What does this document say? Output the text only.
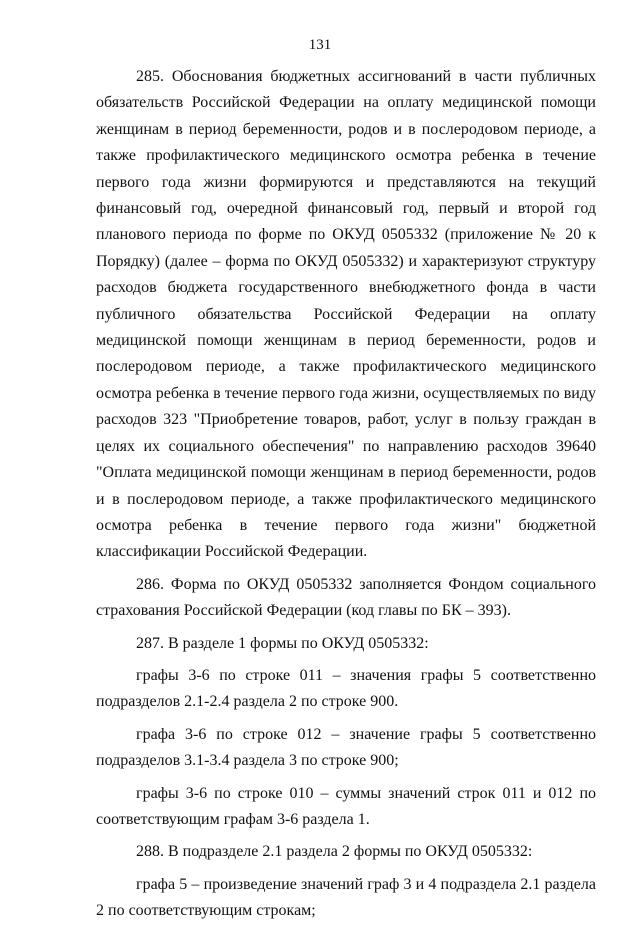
131

285. Обоснования бюджетных ассигнований в части публичных обязательств Российской Федерации на оплату медицинской помощи женщинам в период беременности, родов и в послеродовом периоде, а также профилактического медицинского осмотра ребенка в течение первого года жизни формируются и представляются на текущий финансовый год, очередной финансовый год, первый и второй год планового периода по форме по ОКУД 0505332 (приложение № 20 к Порядку) (далее – форма по ОКУД 0505332) и характеризуют структуру расходов бюджета государственного внебюджетного фонда в части публичного обязательства Российской Федерации на оплату медицинской помощи женщинам в период беременности, родов и послеродовом периоде, а также профилактического медицинского осмотра ребенка в течение первого года жизни, осуществляемых по виду расходов 323 "Приобретение товаров, работ, услуг в пользу граждан в целях их социального обеспечения" по направлению расходов 39640 "Оплата медицинской помощи женщинам в период беременности, родов и в послеродовом периоде, а также профилактического медицинского осмотра ребенка в течение первого года жизни" бюджетной классификации Российской Федерации.

286. Форма по ОКУД 0505332 заполняется Фондом социального страхования Российской Федерации (код главы по БК – 393).

287. В разделе 1 формы по ОКУД 0505332:

графы 3-6 по строке 011 – значения графы 5 соответственно подразделов 2.1-2.4 раздела 2 по строке 900.

графа 3-6 по строке 012 – значение графы 5 соответственно подразделов 3.1-3.4 раздела 3 по строке 900;

графы 3-6 по строке 010 – суммы значений строк 011 и 012 по соответствующим графам 3-6 раздела 1.

288. В подразделе 2.1 раздела 2 формы по ОКУД 0505332:

графа 5 – произведение значений граф 3 и 4 подраздела 2.1 раздела 2 по соответствующим строкам;
